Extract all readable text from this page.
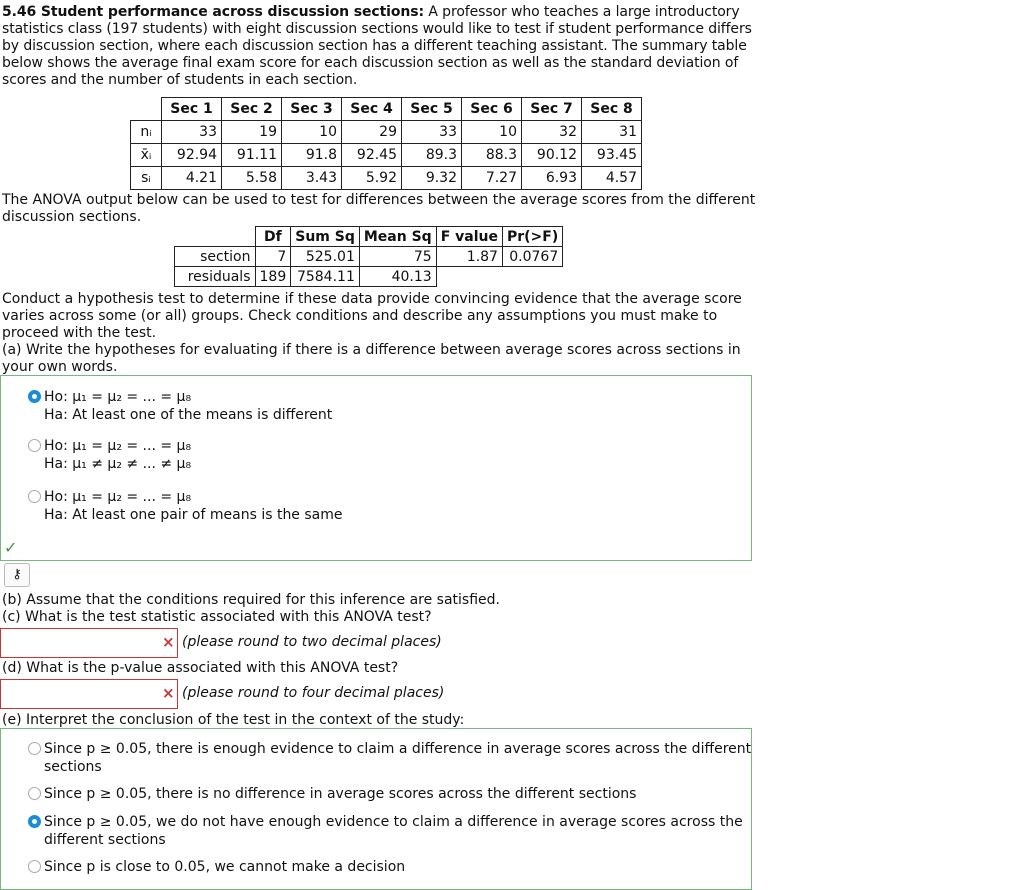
5.46 Student performance across discussion sections: A professor who teaches a large introductory statistics class (197 students) with eight discussion sections would like to test if student performance differs by discussion section, where each discussion section has a different teaching assistant. The summary table below shows the average final exam score for each discussion section as well as the standard deviation of scores and the number of students in each section.
	Sec 1	Sec 2	Sec 3	Sec 4	Sec 5	Sec 6	Sec 7	Sec 8
nᵢ	33	19	10	29	33	10	32	31
x̄ᵢ	92.94	91.11	91.8	92.45	89.3	88.3	90.12	93.45
sᵢ	4.21	5.58	3.43	5.92	9.32	7.27	6.93	4.57
The ANOVA output below can be used to test for differences between the average scores from the different discussion sections.
	Df	Sum Sq	Mean Sq	F value	Pr(>F)
section	7	525.01	75	1.87	0.0767
residuals	189	7584.11	40.13		
Conduct a hypothesis test to determine if these data provide convincing evidence that the average score varies across some (or all) groups. Check conditions and describe any assumptions you must make to proceed with the test.
(a) Write the hypotheses for evaluating if there is a difference between average scores across sections in your own words.
Ho: μ₁ = μ₂ = ... = μ₈
Ha: At least one of the means is different
Ho: μ₁ = μ₂ = ... = μ₈
Ha: μ₁ ≠ μ₂ ≠ ... ≠ μ₈
Ho: μ₁ = μ₂ = ... = μ₈
Ha: At least one pair of means is the same
✓
⚷
(b) Assume that the conditions required for this inference are satisfied.
(c) What is the test statistic associated with this ANOVA test?
× (please round to two decimal places)
(d) What is the p-value associated with this ANOVA test?
× (please round to four decimal places)
(e) Interpret the conclusion of the test in the context of the study:
Since p ≥ 0.05, there is enough evidence to claim a difference in average scores across the different
sections
Since p ≥ 0.05, there is no difference in average scores across the different sections
Since p ≥ 0.05, we do not have enough evidence to claim a difference in average scores across the
different sections
Since p is close to 0.05, we cannot make a decision
